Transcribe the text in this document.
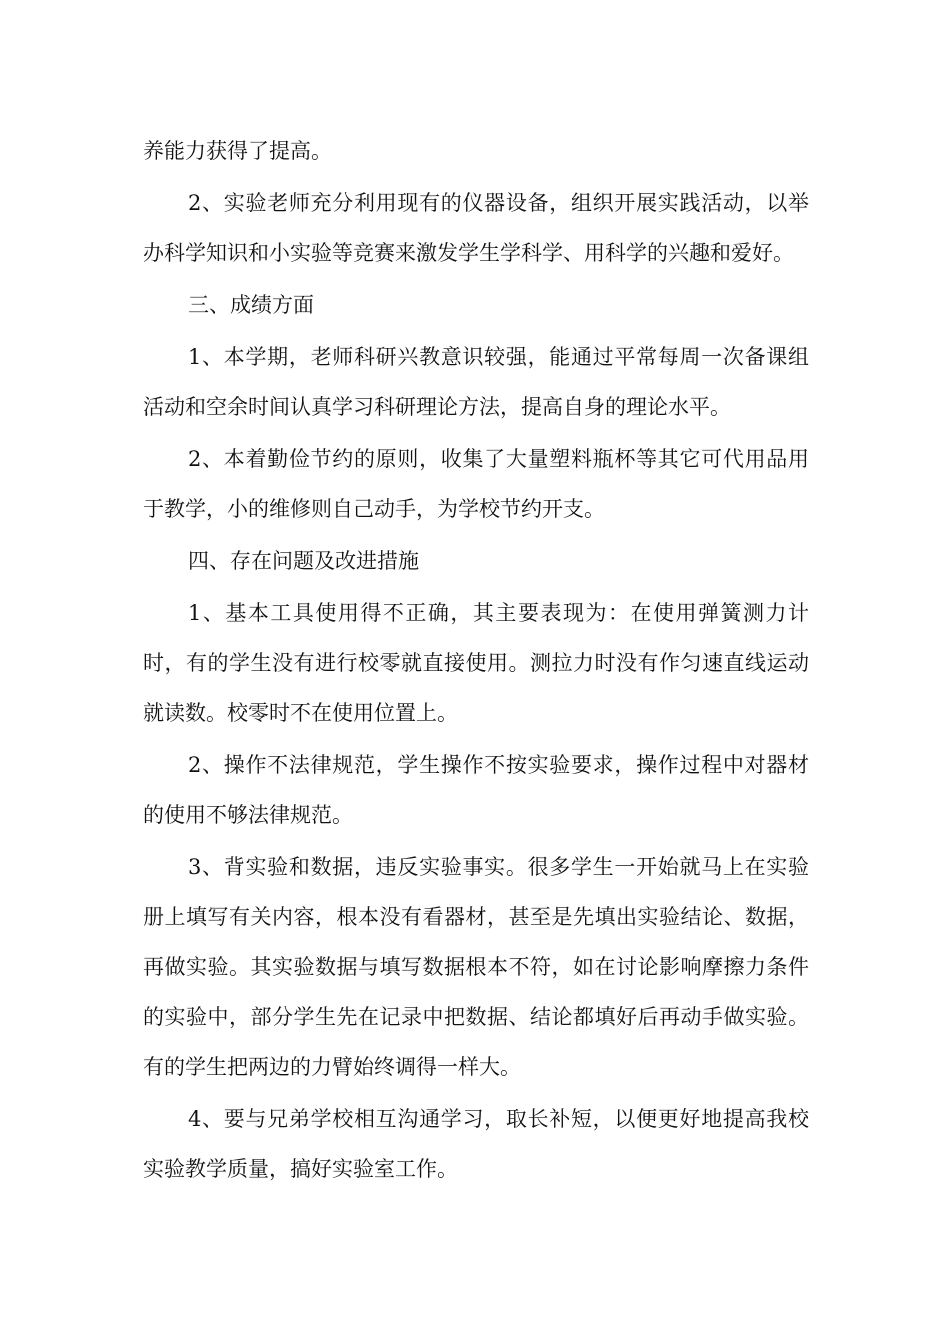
养能力获得了提高。

2、实验老师充分利用现有的仪器设备，组织开展实践活动，以举办科学知识和小实验等竞赛来激发学生学科学、用科学的兴趣和爱好。

三、成绩方面

1、本学期，老师科研兴教意识较强，能通过平常每周一次备课组活动和空余时间认真学习科研理论方法，提高自身的理论水平。

2、本着勤俭节约的原则，收集了大量塑料瓶杯等其它可代用品用于教学，小的维修则自己动手，为学校节约开支。

四、存在问题及改进措施

1、基本工具使用得不正确，其主要表现为：在使用弹簧测力计时，有的学生没有进行校零就直接使用。测拉力时没有作匀速直线运动就读数。校零时不在使用位置上。

2、操作不法律规范，学生操作不按实验要求，操作过程中对器材的使用不够法律规范。

3、背实验和数据，违反实验事实。很多学生一开始就马上在实验册上填写有关内容，根本没有看器材，甚至是先填出实验结论、数据，再做实验。其实验数据与填写数据根本不符，如在讨论影响摩擦力条件的实验中，部分学生先在记录中把数据、结论都填好后再动手做实验。有的学生把两边的力臂始终调得一样大。

4、要与兄弟学校相互沟通学习，取长补短，以便更好地提高我校实验教学质量，搞好实验室工作。
